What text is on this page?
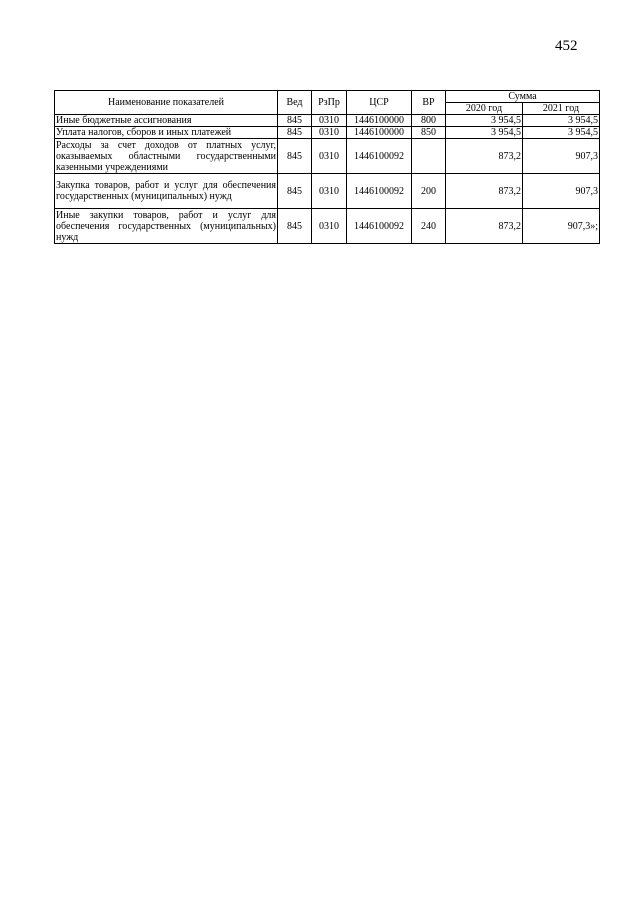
452
Наименование показателей	Вед	РзПр	ЦСР	ВР	Сумма	
					2020 год	2021 год
Иные бюджетные ассигнования	845	0310	1446100000	800	3 954,5	3 954,5
Уплата налогов, сборов и иных платежей	845	0310	1446100000	850	3 954,5	3 954,5
Расходы за счет доходов от платных услуг, оказываемых областными государственными казенными учреждениями	845	0310	1446100092		873,2	907,3
Закупка товаров, работ и услуг для обеспечения государственных (муниципальных) нужд	845	0310	1446100092	200	873,2	907,3
Иные закупки товаров, работ и услуг для обеспечения государственных (муниципальных) нужд	845	0310	1446100092	240	873,2	907,3»;
